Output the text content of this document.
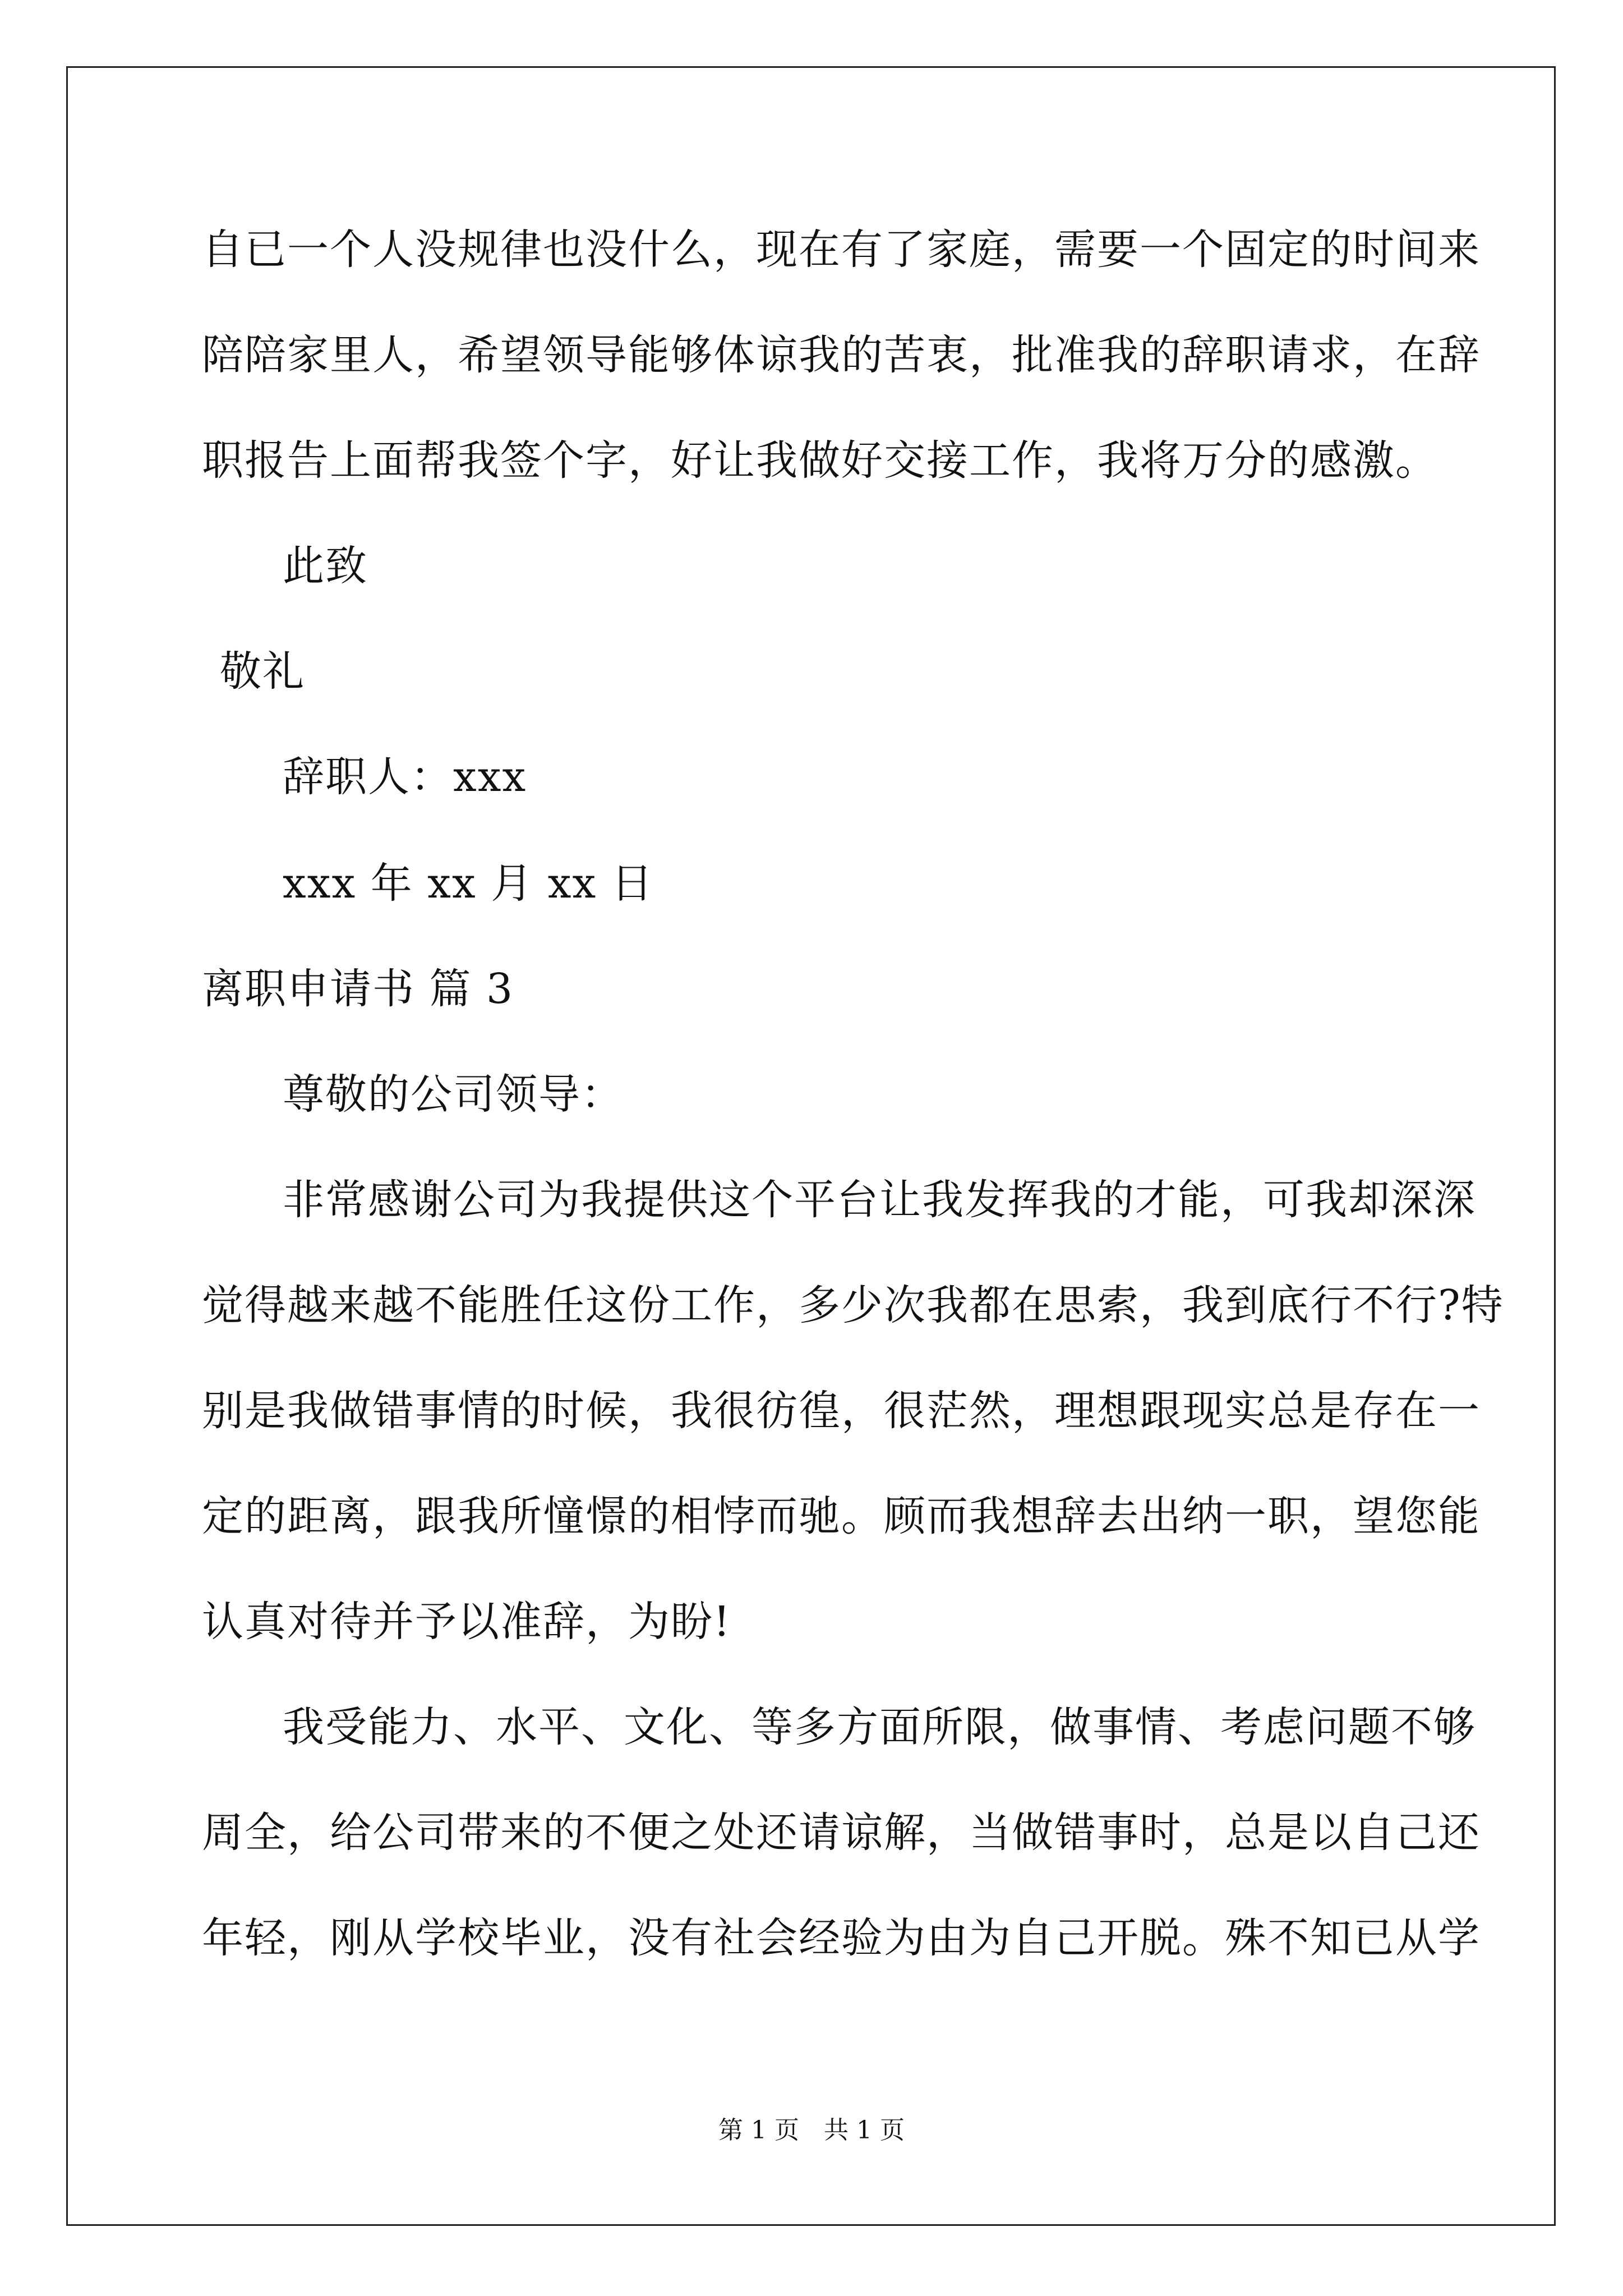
自已一个人没规律也没什么，现在有了家庭，需要一个固定的时间来
陪陪家里人，希望领导能够体谅我的苦衷，批准我的辞职请求，在辞
职报告上面帮我签个字，好让我做好交接工作，我将万分的感激。
此致
敬礼
辞职人：xxx
xxx 年 xx 月 xx 日
离职申请书 篇 3
尊敬的公司领导：
非常感谢公司为我提供这个平台让我发挥我的才能，可我却深深
觉得越来越不能胜任这份工作，多少次我都在思索，我到底行不行?特
别是我做错事情的时候，我很彷徨，很茫然，理想跟现实总是存在一
定的距离，跟我所憧憬的相悖而驰。顾而我想辞去出纳一职，望您能
认真对待并予以准辞，为盼!
我受能力、水平、文化、等多方面所限，做事情、考虑问题不够
周全，给公司带来的不便之处还请谅解，当做错事时，总是以自己还
年轻，刚从学校毕业，没有社会经验为由为自己开脱。殊不知已从学
第 1 页　共 1 页
